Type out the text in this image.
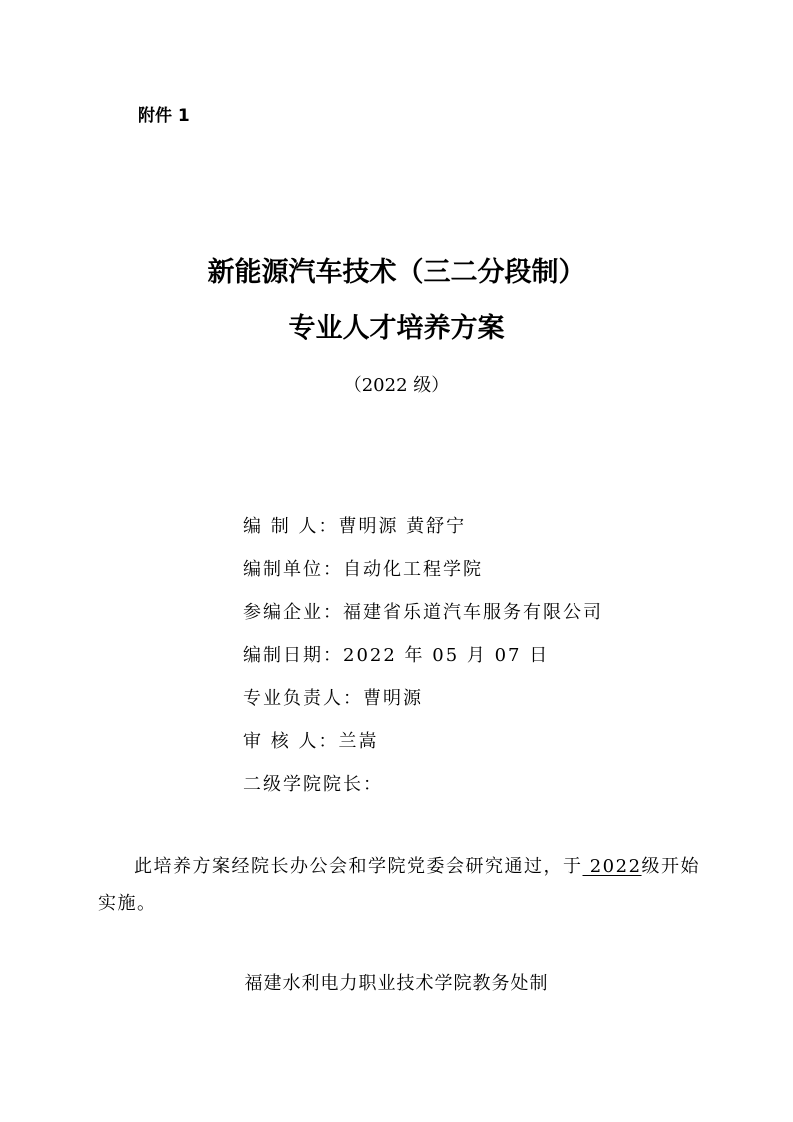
附件 1
新能源汽车技术（三二分段制）
专业人才培养方案
（2022 级）
编 制 人：曹明源 黄舒宁
编制单位：自动化工程学院
参编企业：福建省乐道汽车服务有限公司
编制日期：2022 年 05 月 07 日
专业负责人：曹明源
审 核 人：兰嵩
二级学院院长：
此培养方案经院长办公会和学院党委会研究通过，于 2022级开始实施。
福建水利电力职业技术学院教务处制
